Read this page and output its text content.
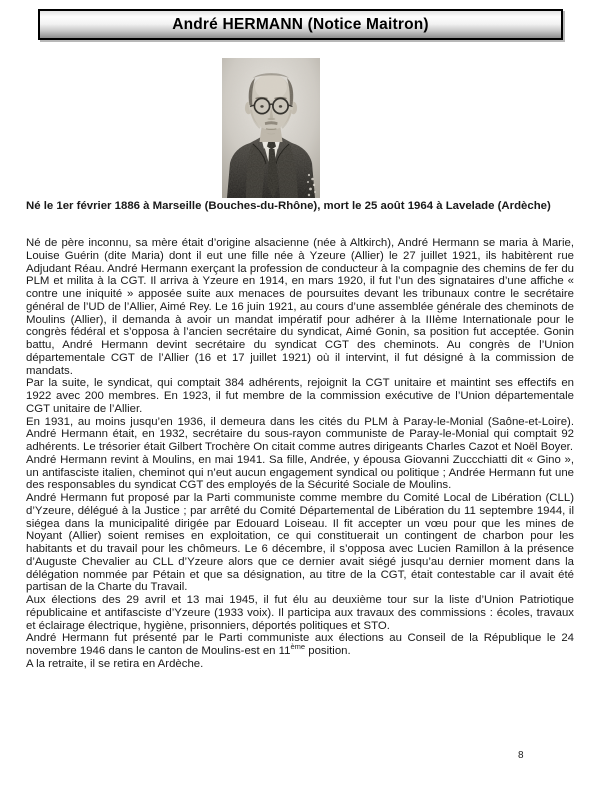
André HERMANN (Notice Maitron)
Né le 1er février 1886 à Marseille (Bouches-du-Rhône), mort le 25 août 1964 à Lavelade (Ardèche)

Né de père inconnu, sa mère était d’origine alsacienne (née à Altkirch), André Hermann se maria à Marie, Louise Guérin (dite Maria) dont il eut une fille née à Yzeure (Allier) le 27 juillet 1921, ils habitèrent rue Adjudant Réau. André Hermann exerçant la profession de conducteur à la compagnie des chemins de fer du PLM et milita à la CGT. Il arriva à Yzeure en 1914, en mars 1920, il fut l’un des signataires d’une affiche « contre une iniquité » apposée suite aux menaces de poursuites devant les tribunaux contre le secrétaire général de l’UD de l’Allier, Aimé Rey. Le 16 juin 1921, au cours d’une assemblée générale des cheminots de Moulins (Allier), il demanda à avoir un mandat impératif pour adhérer à la IIIème Internationale pour le congrès fédéral et s’opposa à l’ancien secrétaire du syndicat, Aimé Gonin, sa position fut acceptée. Gonin battu, André Hermann devint secrétaire du syndicat CGT des cheminots. Au congrès de l’Union départementale CGT de l’Allier (16 et 17 juillet 1921) où il intervint, il fut désigné à la commission de mandats.

Par la suite, le syndicat, qui comptait 384 adhérents, rejoignit la CGT unitaire et maintint ses effectifs en 1922 avec 200 membres. En 1923, il fut membre de la commission exécutive de l’Union départementale CGT unitaire de l’Allier.

En 1931, au moins jusqu’en 1936, il demeura dans les cités du PLM à Paray-le-Monial (Saône-et-Loire). André Hermann était, en 1932, secrétaire du sous-rayon communiste de Paray-le-Monial qui comptait 92 adhérents. Le trésorier était Gilbert Trochère On citait comme autres dirigeants Charles Cazot et Noël Boyer.

André Hermann revint à Moulins, en mai 1941. Sa fille, Andrée, y épousa Giovanni Zuccchiatti dit « Gino », un antifasciste italien, cheminot qui n’eut aucun engagement syndical ou politique ; Andrée Hermann fut une des responsables du syndicat CGT des employés de la Sécurité Sociale de Moulins.

André Hermann fut proposé par la Parti communiste comme membre du Comité Local de Libération (CLL) d’Yzeure, délégué à la Justice ; par arrêté du Comité Départemental de Libération du 11 septembre 1944, il siégea dans la municipalité dirigée par Edouard Loiseau. Il fit accepter un vœu pour que les mines de Noyant (Allier) soient remises en exploitation, ce qui constituerait un contingent de charbon pour les habitants et du travail pour les chômeurs. Le 6 décembre, il s’opposa avec Lucien Ramillon à la présence d’Auguste Chevalier au CLL d’Yzeure alors que ce dernier avait siégé jusqu’au dernier moment dans la délégation nommée par Pétain et que sa désignation, au titre de la CGT, était contestable car il avait été partisan de la Charte du Travail.

Aux élections des 29 avril et 13 mai 1945, il fut élu au deuxième tour sur la liste d’Union Patriotique républicaine et antifasciste d’Yzeure (1933 voix). Il participa aux travaux des commissions : écoles, travaux et éclairage électrique, hygiène, prisonniers, déportés politiques et STO.

André Hermann fut présenté par le Parti communiste aux élections au Conseil de la République le 24 novembre 1946 dans le canton de Moulins-est en 11ème position.

A la retraite, il se retira en Ardèche.

8
